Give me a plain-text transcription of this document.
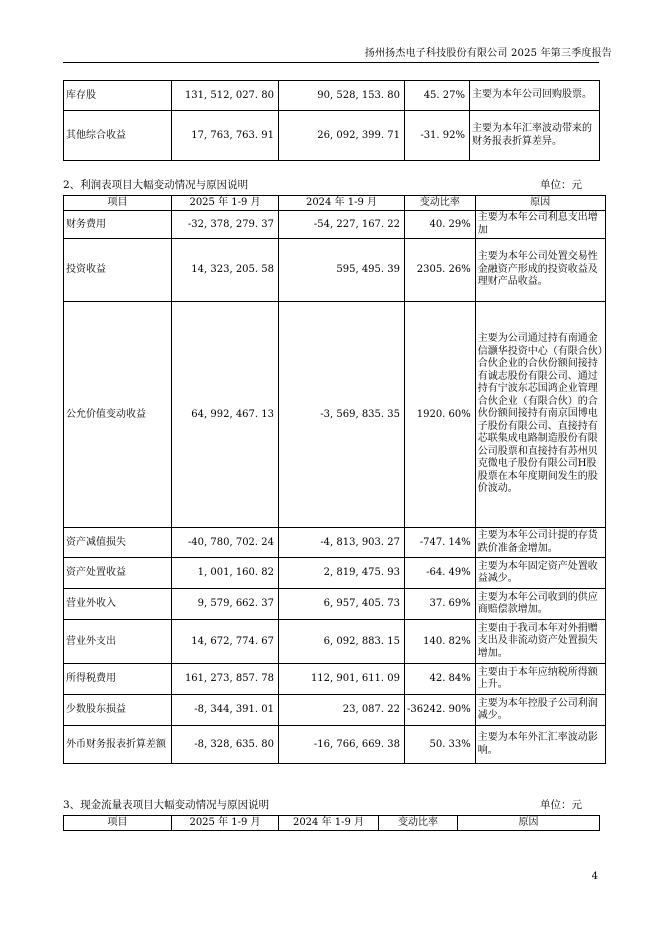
扬州扬杰电子科技股份有限公司 2025 年第三季度报告
库存股	131, 512, 027. 80	90, 528, 153. 80	45. 27%	主要为本年公司回购股票。
其他综合收益	17, 763, 763. 91	26, 092, 399. 71	-31. 92%	主要为本年汇率波动带来的财务报表折算差异。
2、利润表项目大幅变动情况与原因说明	单位：元
项目	2025 年 1-9 月	2024 年 1-9 月	变动比率	原因
财务费用	-32, 378, 279. 37	-54, 227, 167. 22	40. 29%	主要为本年公司利息支出增加
投资收益	14, 323, 205. 58	595, 495. 39	2305. 26%	主要为本年公司处置交易性金融资产形成的投资收益及理财产品收益。
公允价值变动收益	64, 992, 467. 13	-3, 569, 835. 35	1920. 60%	主要为公司通过持有南通金信灏华投资中心（有限合伙）合伙企业的合伙份额间接持有诚志股份有限公司、通过持有宁波东芯国鸿企业管理合伙企业（有限合伙）的合伙份额间接持有南京国博电子股份有限公司、直接持有芯联集成电路制造股份有限公司股票和直接持有苏州贝克微电子股份有限公司H股股票在本年度期间发生的股价波动。
资产减值损失	-40, 780, 702. 24	-4, 813, 903. 27	-747. 14%	主要为本年公司计提的存货跌价准备金增加。
资产处置收益	1, 001, 160. 82	2, 819, 475. 93	-64. 49%	主要为本年固定资产处置收益减少。
营业外收入	9, 579, 662. 37	6, 957, 405. 73	37. 69%	主要为本年公司收到的供应商赔偿款增加。
营业外支出	14, 672, 774. 67	6, 092, 883. 15	140. 82%	主要由于我司本年对外捐赠支出及非流动资产处置损失增加。
所得税费用	161, 273, 857. 78	112, 901, 611. 09	42. 84%	主要由于本年应纳税所得额上升。
少数股东损益	-8, 344, 391. 01	23, 087. 22	-36242. 90%	主要为本年控股子公司利润减少。
外币财务报表折算差额	-8, 328, 635. 80	-16, 766, 669. 38	50. 33%	主要为本年外汇汇率波动影响。
3、现金流量表项目大幅变动情况与原因说明	单位：元
项目	2025 年 1-9 月	2024 年 1-9 月	变动比率	原因
4
